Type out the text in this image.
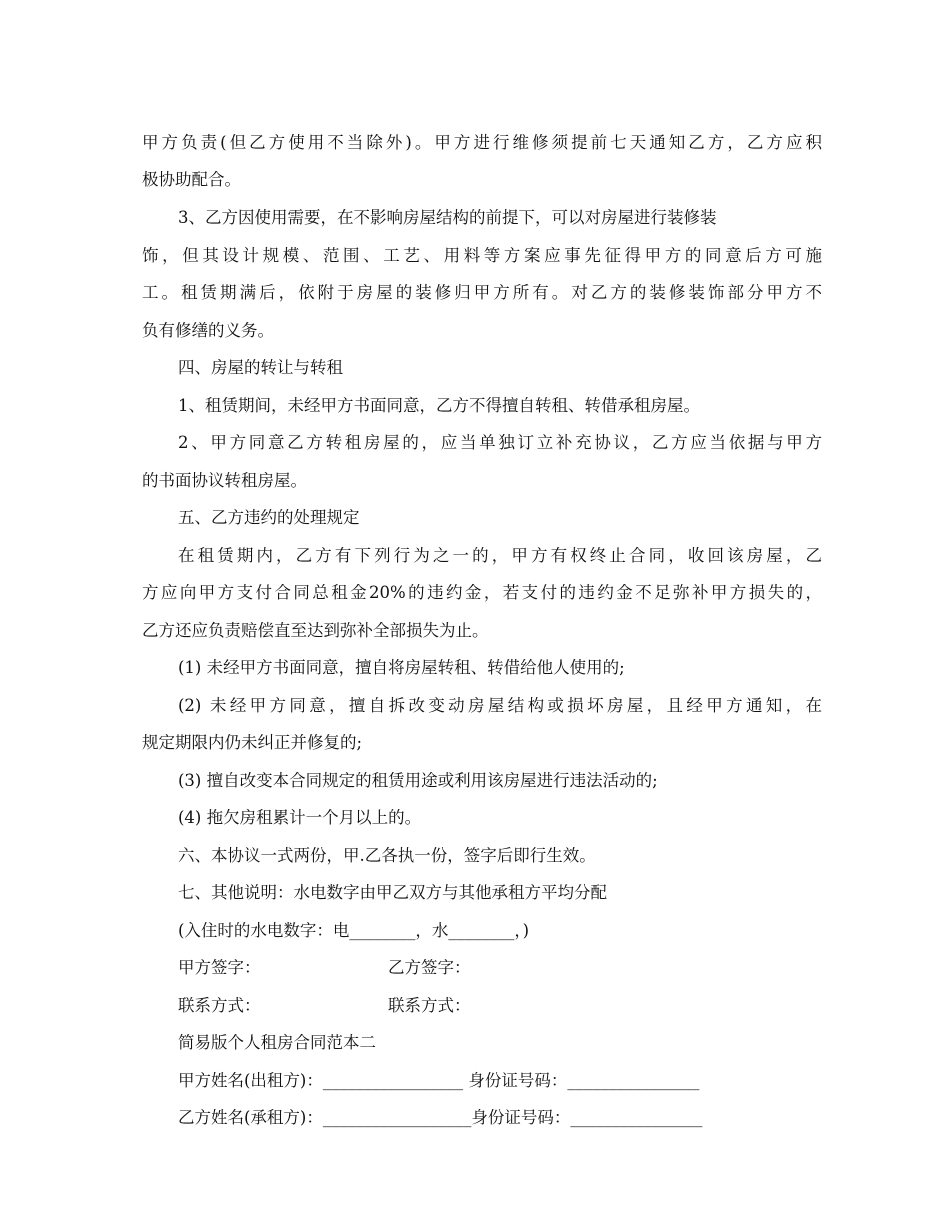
甲方负责(但乙方使用不当除外)。甲方进行维修须提前七天通知乙方，乙方应积
极协助配合。
3、乙方因使用需要，在不影响房屋结构的前提下，可以对房屋进行装修装
饰，但其设计规模、范围、工艺、用料等方案应事先征得甲方的同意后方可施
工。租赁期满后，依附于房屋的装修归甲方所有。对乙方的装修装饰部分甲方不
负有修缮的义务。
四、房屋的转让与转租
1、租赁期间，未经甲方书面同意，乙方不得擅自转租、转借承租房屋。
2、甲方同意乙方转租房屋的，应当单独订立补充协议，乙方应当依据与甲方
的书面协议转租房屋。
五、乙方违约的处理规定
在租赁期内，乙方有下列行为之一的，甲方有权终止合同，收回该房屋，乙
方应向甲方支付合同总租金20%的违约金，若支付的违约金不足弥补甲方损失的，
乙方还应负责赔偿直至达到弥补全部损失为止。
(1) 未经甲方书面同意，擅自将房屋转租、转借给他人使用的;
(2) 未经甲方同意，擅自拆改变动房屋结构或损坏房屋，且经甲方通知，在
规定期限内仍未纠正并修复的;
(3) 擅自改变本合同规定的租赁用途或利用该房屋进行违法活动的;
(4) 拖欠房租累计一个月以上的。
六、本协议一式两份，甲.乙各执一份，签字后即行生效。
七、其他说明：水电数字由甲乙双方与其他承租方平均分配
(入住时的水电数字：电________，水________，)
甲方签字：	乙方签字：
联系方式：	联系方式：
简易版个人租房合同范本二
甲方姓名(出租方)：_________________ 身份证号码：________________
乙方姓名(承租方)：__________________身份证号码：________________
